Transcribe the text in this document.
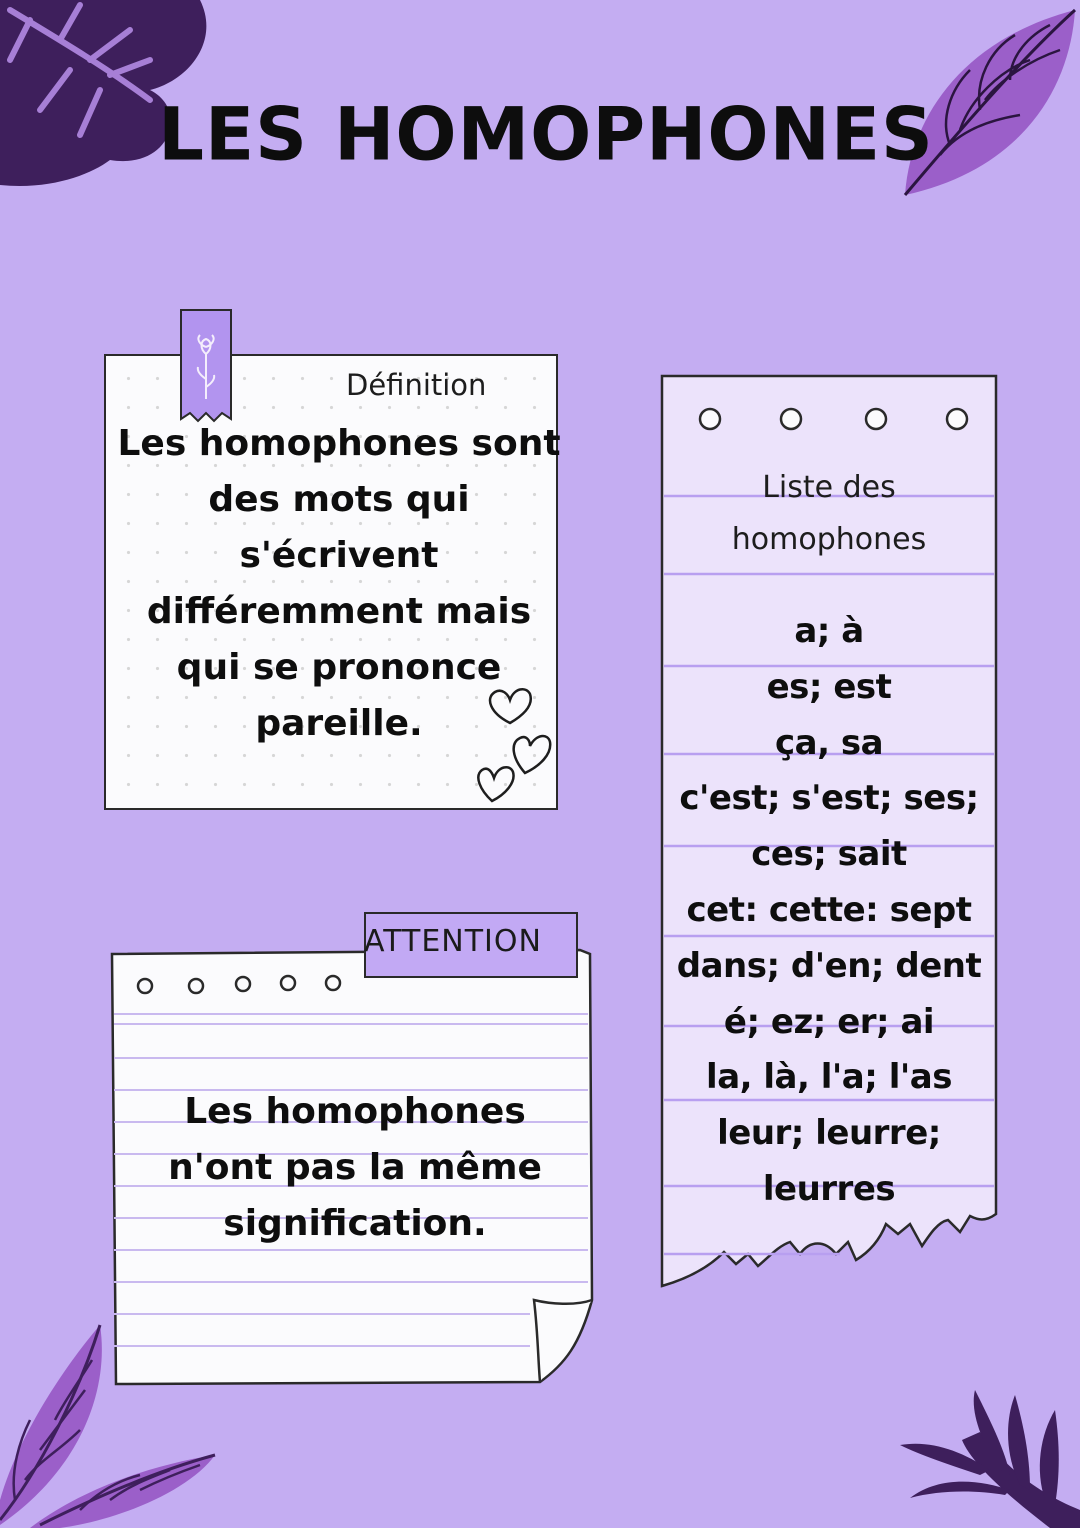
LES HOMOPHONES
Définition
Les homophones sont
des mots qui
s'écrivent
différemment mais
qui se prononce
pareille.
Liste des
homophones
a; à
es; est
ça, sa
c'est; s'est; ses;
ces; sait
cet: cette: sept
dans; d'en; dent
é; ez; er; ai
la, là, l'a; l'as
leur; leurre;
leurres
ATTENTION
Les homophones
n'ont pas la même
signification.
